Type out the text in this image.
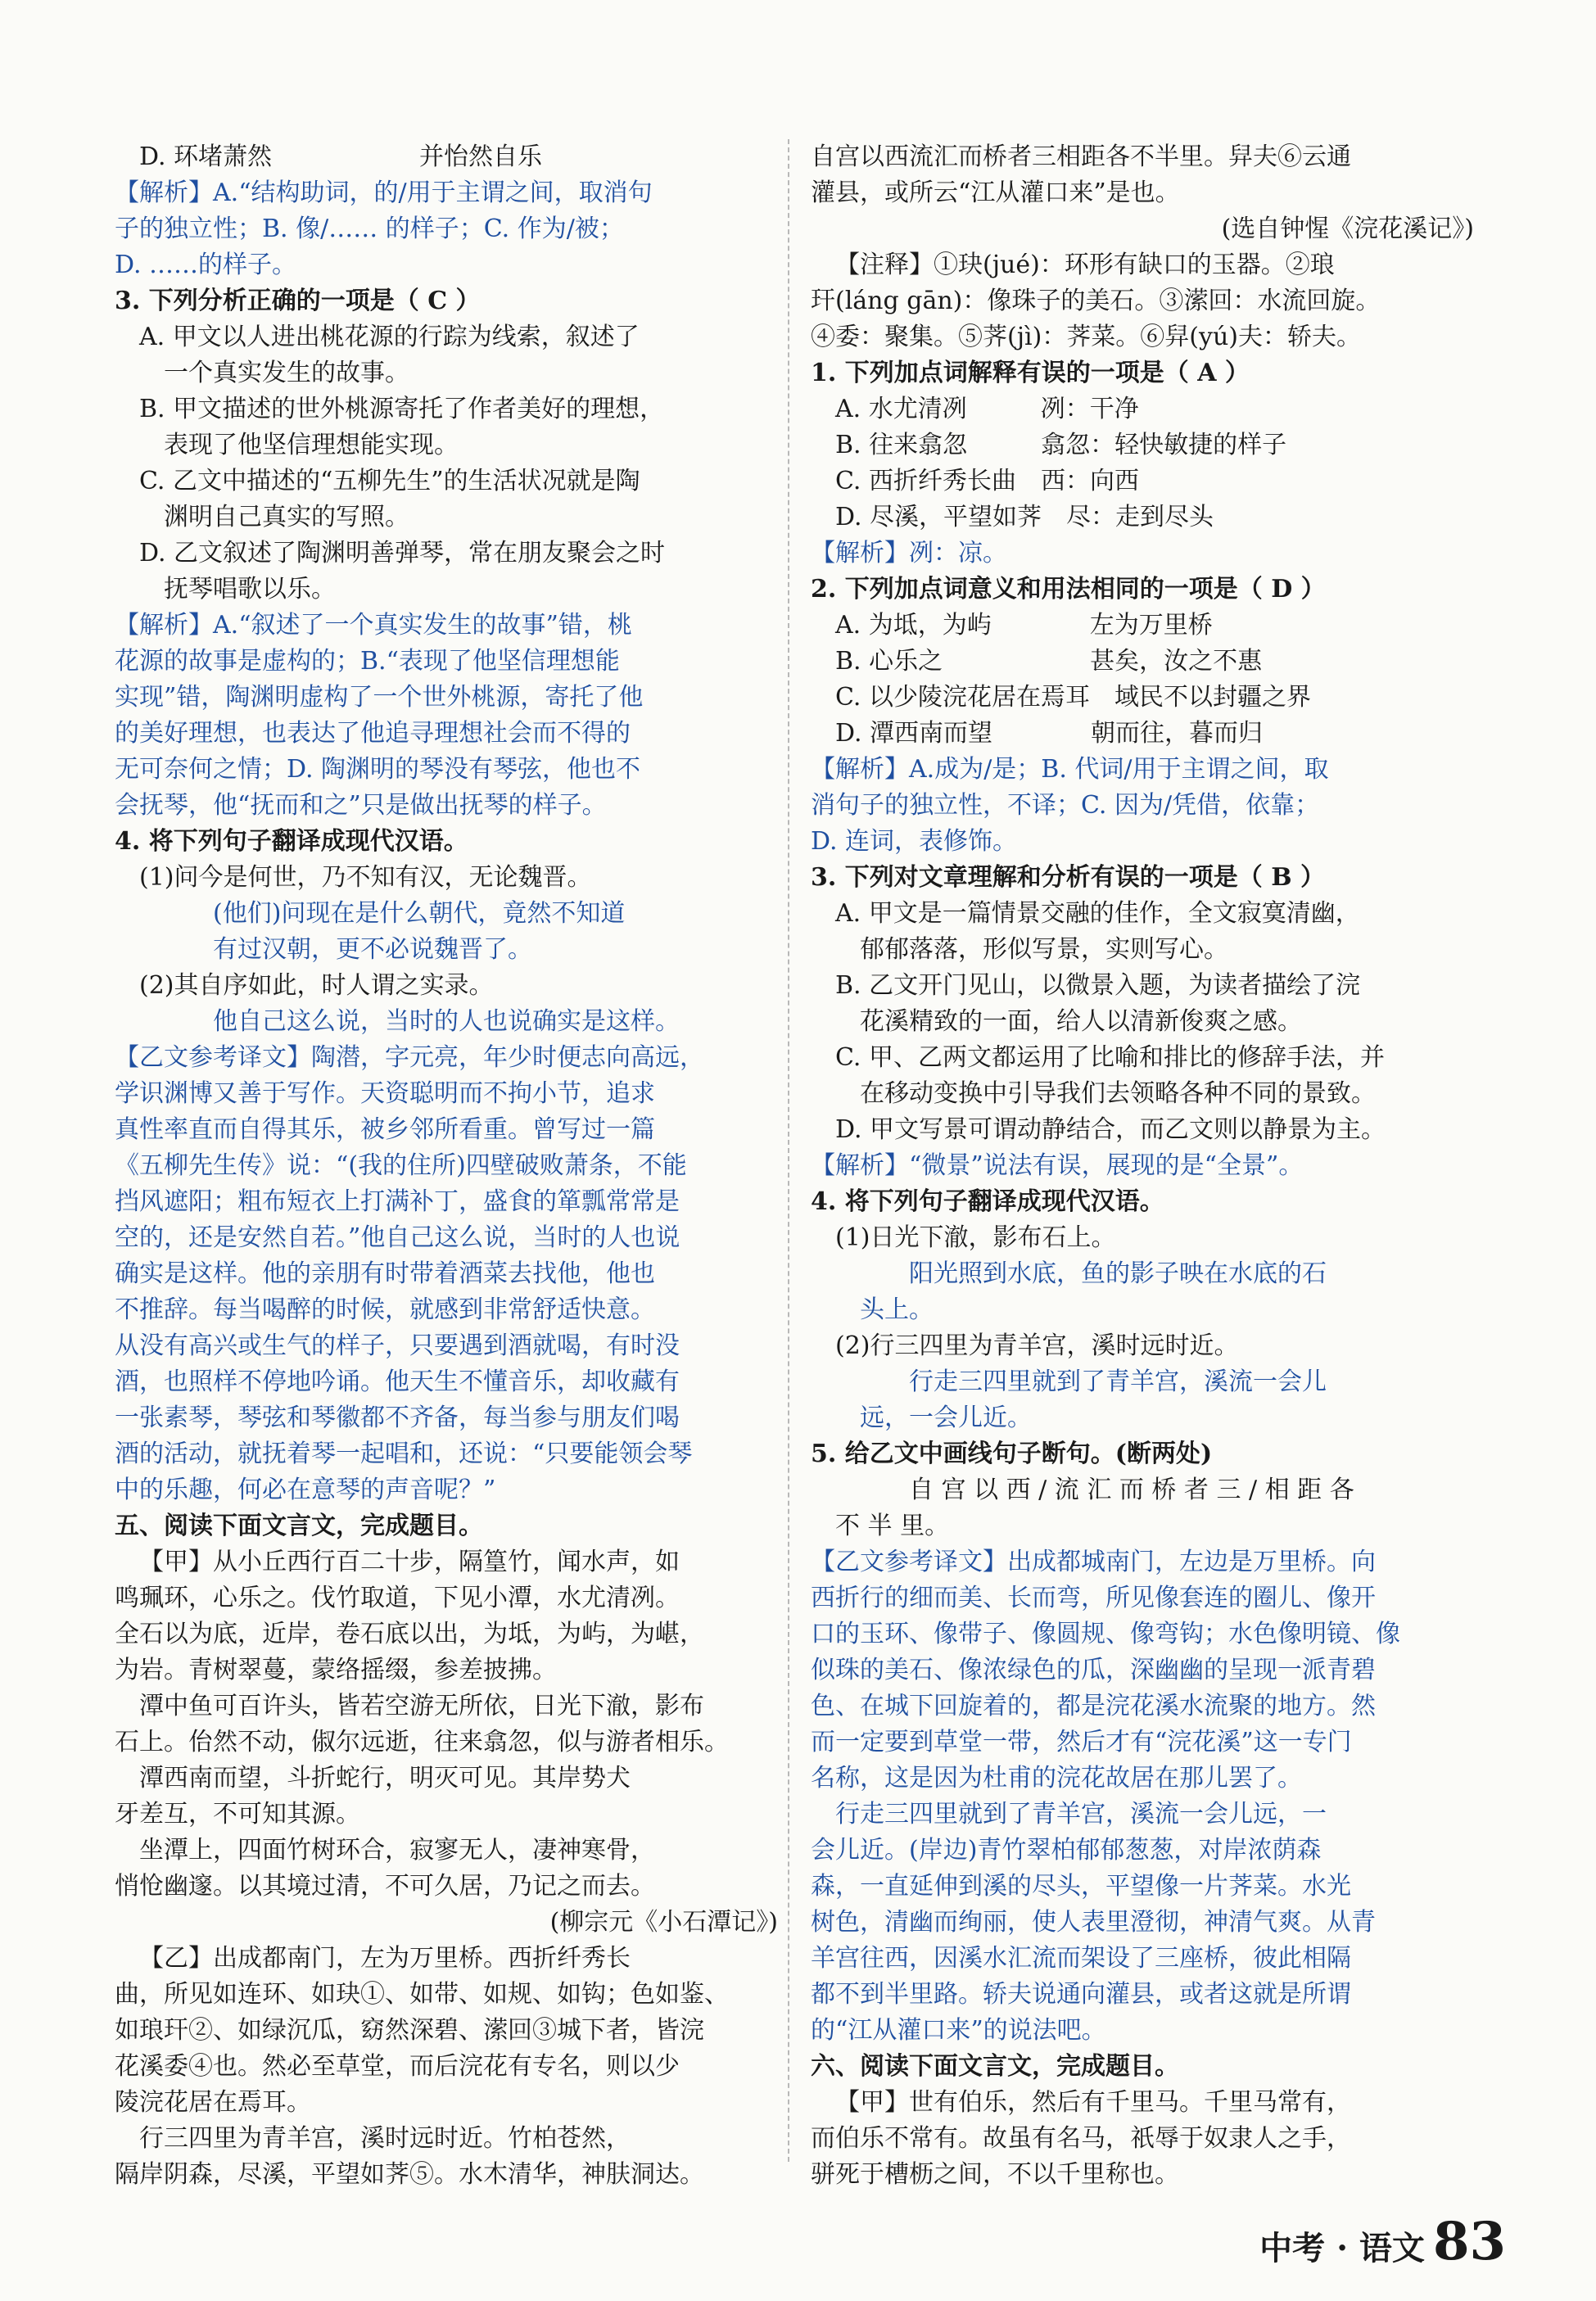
D. 环堵萧然　　　　　　并怡然自乐
【解析】A.“结构助词，的/用于主谓之间，取消句
子的独立性；B. 像/…… 的样子；C. 作为/被；
D. ……的样子。
3. 下列分析正确的一项是（ C ）
A. 甲文以人进出桃花源的行踪为线索，叙述了
一个真实发生的故事。
B. 甲文描述的世外桃源寄托了作者美好的理想，
表现了他坚信理想能实现。
C. 乙文中描述的“五柳先生”的生活状况就是陶
渊明自己真实的写照。
D. 乙文叙述了陶渊明善弹琴，常在朋友聚会之时
抚琴唱歌以乐。
【解析】A.“叙述了一个真实发生的故事”错，桃
花源的故事是虚构的；B.“表现了他坚信理想能
实现”错，陶渊明虚构了一个世外桃源，寄托了他
的美好理想，也表达了他追寻理想社会而不得的
无可奈何之情；D. 陶渊明的琴没有琴弦，他也不
会抚琴，他“抚而和之”只是做出抚琴的样子。
4. 将下列句子翻译成现代汉语。
(1)问今是何世，乃不知有汉，无论魏晋。
(他们)问现在是什么朝代，竟然不知道
有过汉朝，更不必说魏晋了。
(2)其自序如此，时人谓之实录。
他自己这么说，当时的人也说确实是这样。
【乙文参考译文】陶潜，字元亮，年少时便志向高远，
学识渊博又善于写作。天资聪明而不拘小节，追求
真性率直而自得其乐，被乡邻所看重。曾写过一篇
《五柳先生传》说：“(我的住所)四壁破败萧条，不能
挡风遮阳；粗布短衣上打满补丁，盛食的箪瓢常常是
空的，还是安然自若。”他自己这么说，当时的人也说
确实是这样。他的亲朋有时带着酒菜去找他，他也
不推辞。每当喝醉的时候，就感到非常舒适快意。
从没有高兴或生气的样子，只要遇到酒就喝，有时没
酒，也照样不停地吟诵。他天生不懂音乐，却收藏有
一张素琴，琴弦和琴徽都不齐备，每当参与朋友们喝
酒的活动，就抚着琴一起唱和，还说：“只要能领会琴
中的乐趣，何必在意琴的声音呢？”
五、阅读下面文言文，完成题目。
【甲】从小丘西行百二十步，隔篁竹，闻水声，如
鸣珮环，心乐之。伐竹取道，下见小潭，水尤清冽。
全石以为底，近岸，卷石底以出，为坻，为屿，为嵁，
为岩。青树翠蔓，蒙络摇缀，参差披拂。
潭中鱼可百许头，皆若空游无所依，日光下澈，影布
石上。佁然不动，俶尔远逝，往来翕忽，似与游者相乐。
潭西南而望，斗折蛇行，明灭可见。其岸势犬
牙差互，不可知其源。
坐潭上，四面竹树环合，寂寥无人，凄神寒骨，
悄怆幽邃。以其境过清，不可久居，乃记之而去。
(柳宗元《小石潭记》)
【乙】出成都南门，左为万里桥。西折纤秀长
曲，所见如连环、如玦①、如带、如规、如钩；色如鉴、
如琅玕②、如绿沉瓜，窈然深碧、潆回③城下者，皆浣
花溪委④也。然必至草堂，而后浣花有专名，则以少
陵浣花居在焉耳。
行三四里为青羊宫，溪时远时近。竹柏苍然，
隔岸阴森，尽溪，平望如荠⑤。水木清华，神肤洞达。
自宫以西流汇而桥者三相距各不半里。舁夫⑥云通
灌县，或所云“江从灌口来”是也。
(选自钟惺《浣花溪记》)
【注释】①玦(jué)：环形有缺口的玉器。②琅
玕(láng gān)：像珠子的美石。③潆回：水流回旋。
④委：聚集。⑤荠(jì)：荠菜。⑥舁(yú)夫：轿夫。
1. 下列加点词解释有误的一项是（ A ）
A. 水尤清冽　　　冽：干净
B. 往来翕忽　　　翕忽：轻快敏捷的样子
C. 西折纤秀长曲　西：向西
D. 尽溪，平望如荠　尽：走到尽头
【解析】冽：凉。
2. 下列加点词意义和用法相同的一项是（ D ）
A. 为坻，为屿　　　　左为万里桥
B. 心乐之　　　　　　甚矣，汝之不惠
C. 以少陵浣花居在焉耳　域民不以封疆之界
D. 潭西南而望　　　　朝而往，暮而归
【解析】A.成为/是；B. 代词/用于主谓之间，取
消句子的独立性，不译；C. 因为/凭借，依靠；
D. 连词，表修饰。
3. 下列对文章理解和分析有误的一项是（ B ）
A. 甲文是一篇情景交融的佳作，全文寂寞清幽，
郁郁落落，形似写景，实则写心。
B. 乙文开门见山，以微景入题，为读者描绘了浣
花溪精致的一面，给人以清新俊爽之感。
C. 甲、乙两文都运用了比喻和排比的修辞手法，并
在移动变换中引导我们去领略各种不同的景致。
D. 甲文写景可谓动静结合，而乙文则以静景为主。
【解析】“微景”说法有误，展现的是“全景”。
4. 将下列句子翻译成现代汉语。
(1)日光下澈，影布石上。
阳光照到水底，鱼的影子映在水底的石
头上。
(2)行三四里为青羊宫，溪时远时近。
行走三四里就到了青羊宫，溪流一会儿
远，一会儿近。
5. 给乙文中画线句子断句。(断两处)
自 宫 以 西 / 流 汇 而 桥 者 三 / 相 距 各
不 半 里。
【乙文参考译文】出成都城南门，左边是万里桥。向
西折行的细而美、长而弯，所见像套连的圈儿、像开
口的玉环、像带子、像圆规、像弯钩；水色像明镜、像
似珠的美石、像浓绿色的瓜，深幽幽的呈现一派青碧
色、在城下回旋着的，都是浣花溪水流聚的地方。然
而一定要到草堂一带，然后才有“浣花溪”这一专门
名称，这是因为杜甫的浣花故居在那儿罢了。
行走三四里就到了青羊宫，溪流一会儿远，一
会儿近。(岸边)青竹翠柏郁郁葱葱，对岸浓荫森
森，一直延伸到溪的尽头，平望像一片荠菜。水光
树色，清幽而绚丽，使人表里澄彻，神清气爽。从青
羊宫往西，因溪水汇流而架设了三座桥，彼此相隔
都不到半里路。轿夫说通向灌县，或者这就是所谓
的“江从灌口来”的说法吧。
六、阅读下面文言文，完成题目。
【甲】世有伯乐，然后有千里马。千里马常有，
而伯乐不常有。故虽有名马，祇辱于奴隶人之手，
骈死于槽枥之间，不以千里称也。
中考 · 语文 83
